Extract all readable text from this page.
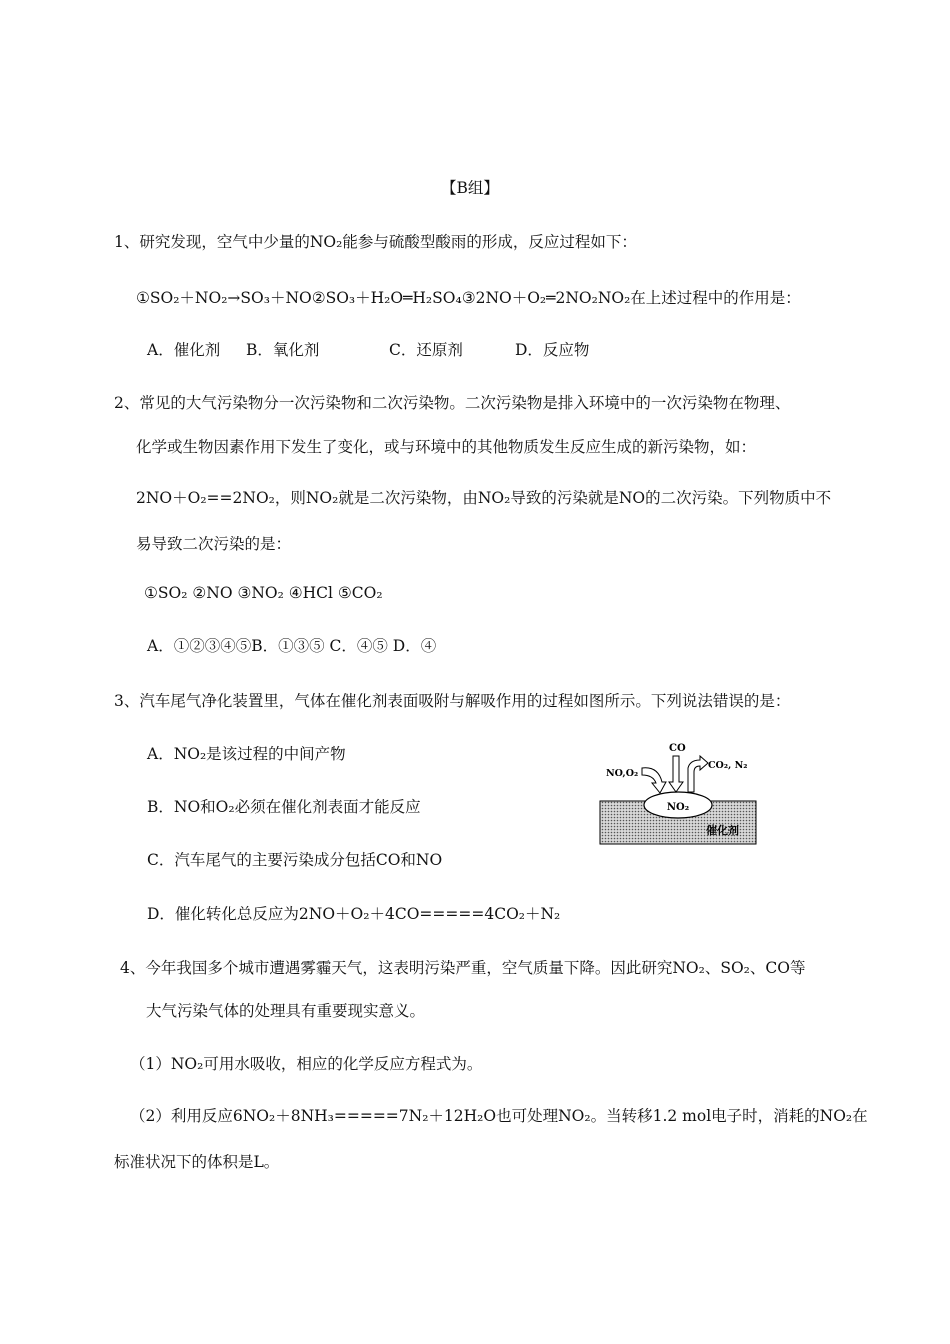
【B组】
1、研究发现，空气中少量的NO₂能参与硫酸型酸雨的形成，反应过程如下：
①SO₂＋NO₂→SO₃＋NO②SO₃＋H₂O═H₂SO₄③2NO＋O₂═2NO₂NO₂在上述过程中的作用是：
A．催化剂 B．氧化剂	C．还原剂	D．反应物
2、常见的大气污染物分一次污染物和二次污染物。二次污染物是排入环境中的一次污染物在物理、
化学或生物因素作用下发生了变化，或与环境中的其他物质发生反应生成的新污染物，如：
2NO＋O₂==2NO₂，则NO₂就是二次污染物，由NO₂导致的污染就是NO的二次污染。下列物质中不
易导致二次污染的是：
①SO₂ ②NO ③NO₂ ④HCl ⑤CO₂
A．①②③④⑤B．①③⑤ C．④⑤ D．④
3、汽车尾气净化装置里，气体在催化剂表面吸附与解吸作用的过程如图所示。下列说法错误的是：
A．NO₂是该过程的中间产物
B．NO和O₂必须在催化剂表面才能反应
C．汽车尾气的主要污染成分包括CO和NO
D．催化转化总反应为2NO＋O₂＋4CO=====4CO₂＋N₂
NO₂
催化剂
CO
NO,O₂
CO₂, N₂
4、今年我国多个城市遭遇雾霾天气，这表明污染严重，空气质量下降。因此研究NO₂、SO₂、CO等
大气污染气体的处理具有重要现实意义。
（1）NO₂可用水吸收，相应的化学反应方程式为。
（2）利用反应6NO₂＋8NH₃=====7N₂＋12H₂O也可处理NO₂。当转移1.2 mol电子时，消耗的NO₂在
标准状况下的体积是L。
